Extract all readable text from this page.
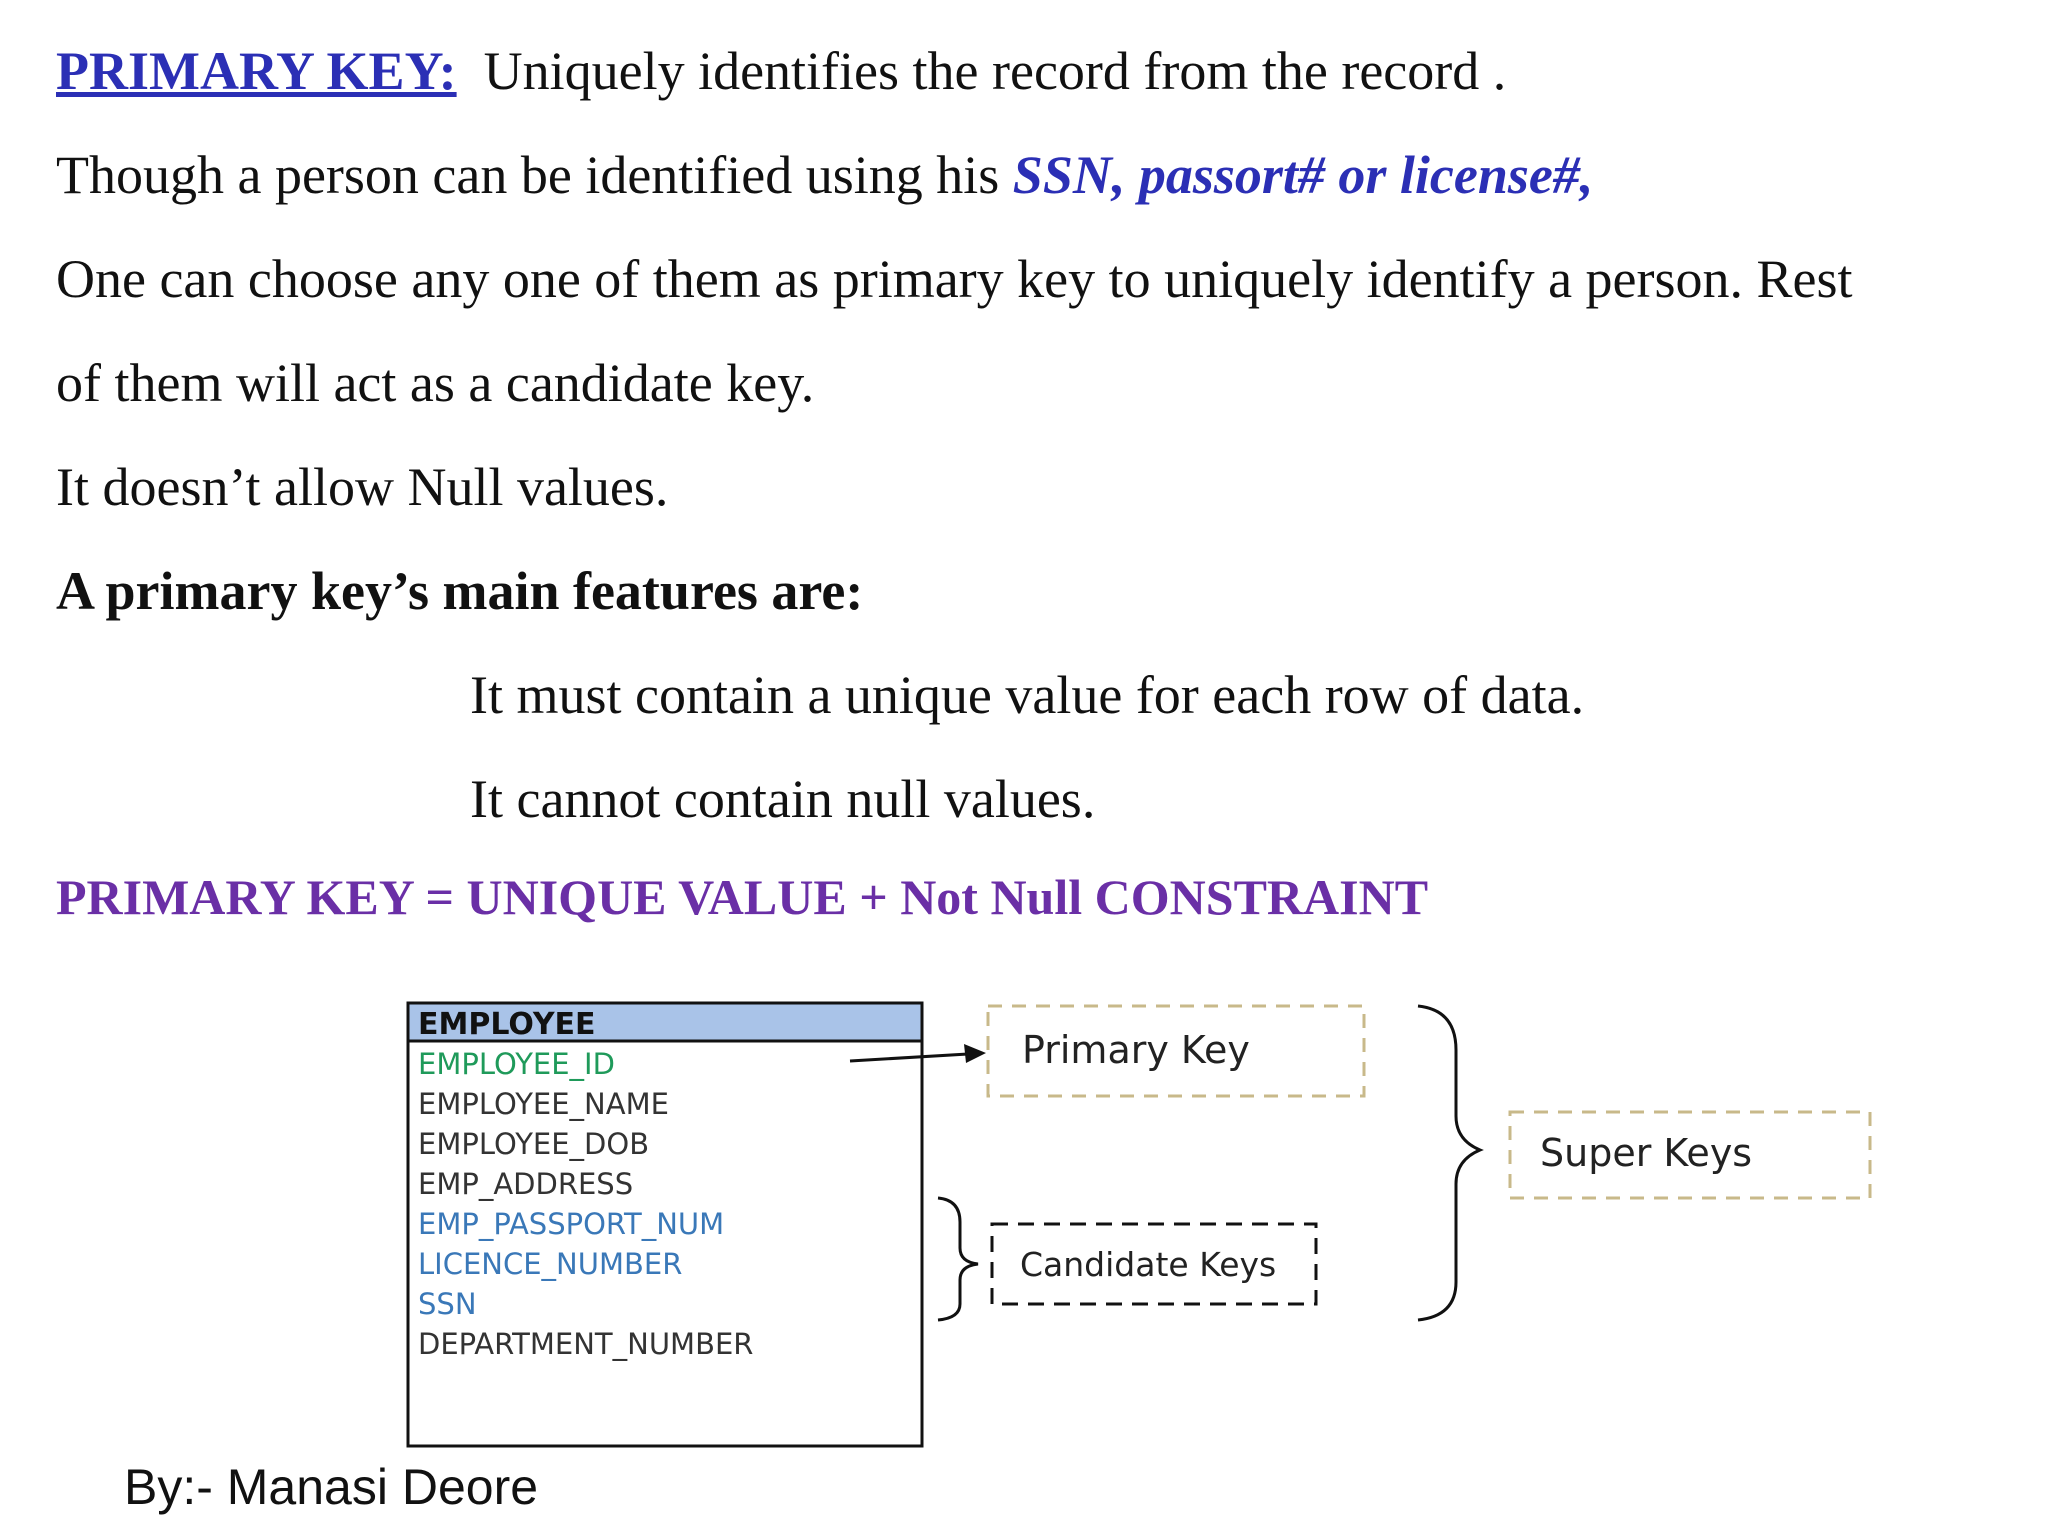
PRIMARY KEY: Uniquely identifies the record from the record .
Though a person can be identified using his SSN, passort# or license#,
One can choose any one of them as primary key to uniquely identify a person. Rest
of them will act as a candidate key.
It doesn’t allow Null values.
A primary key’s main features are:
It must contain a unique value for each row of data.
It cannot contain null values.
PRIMARY KEY = UNIQUE VALUE + Not Null CONSTRAINT
EMPLOYEE
EMPLOYEE_ID
EMPLOYEE_NAME
EMPLOYEE_DOB
EMP_ADDRESS
EMP_PASSPORT_NUM
LICENCE_NUMBER
SSN
DEPARTMENT_NUMBER
Primary Key
Candidate Keys
Super Keys
By:- Manasi Deore
